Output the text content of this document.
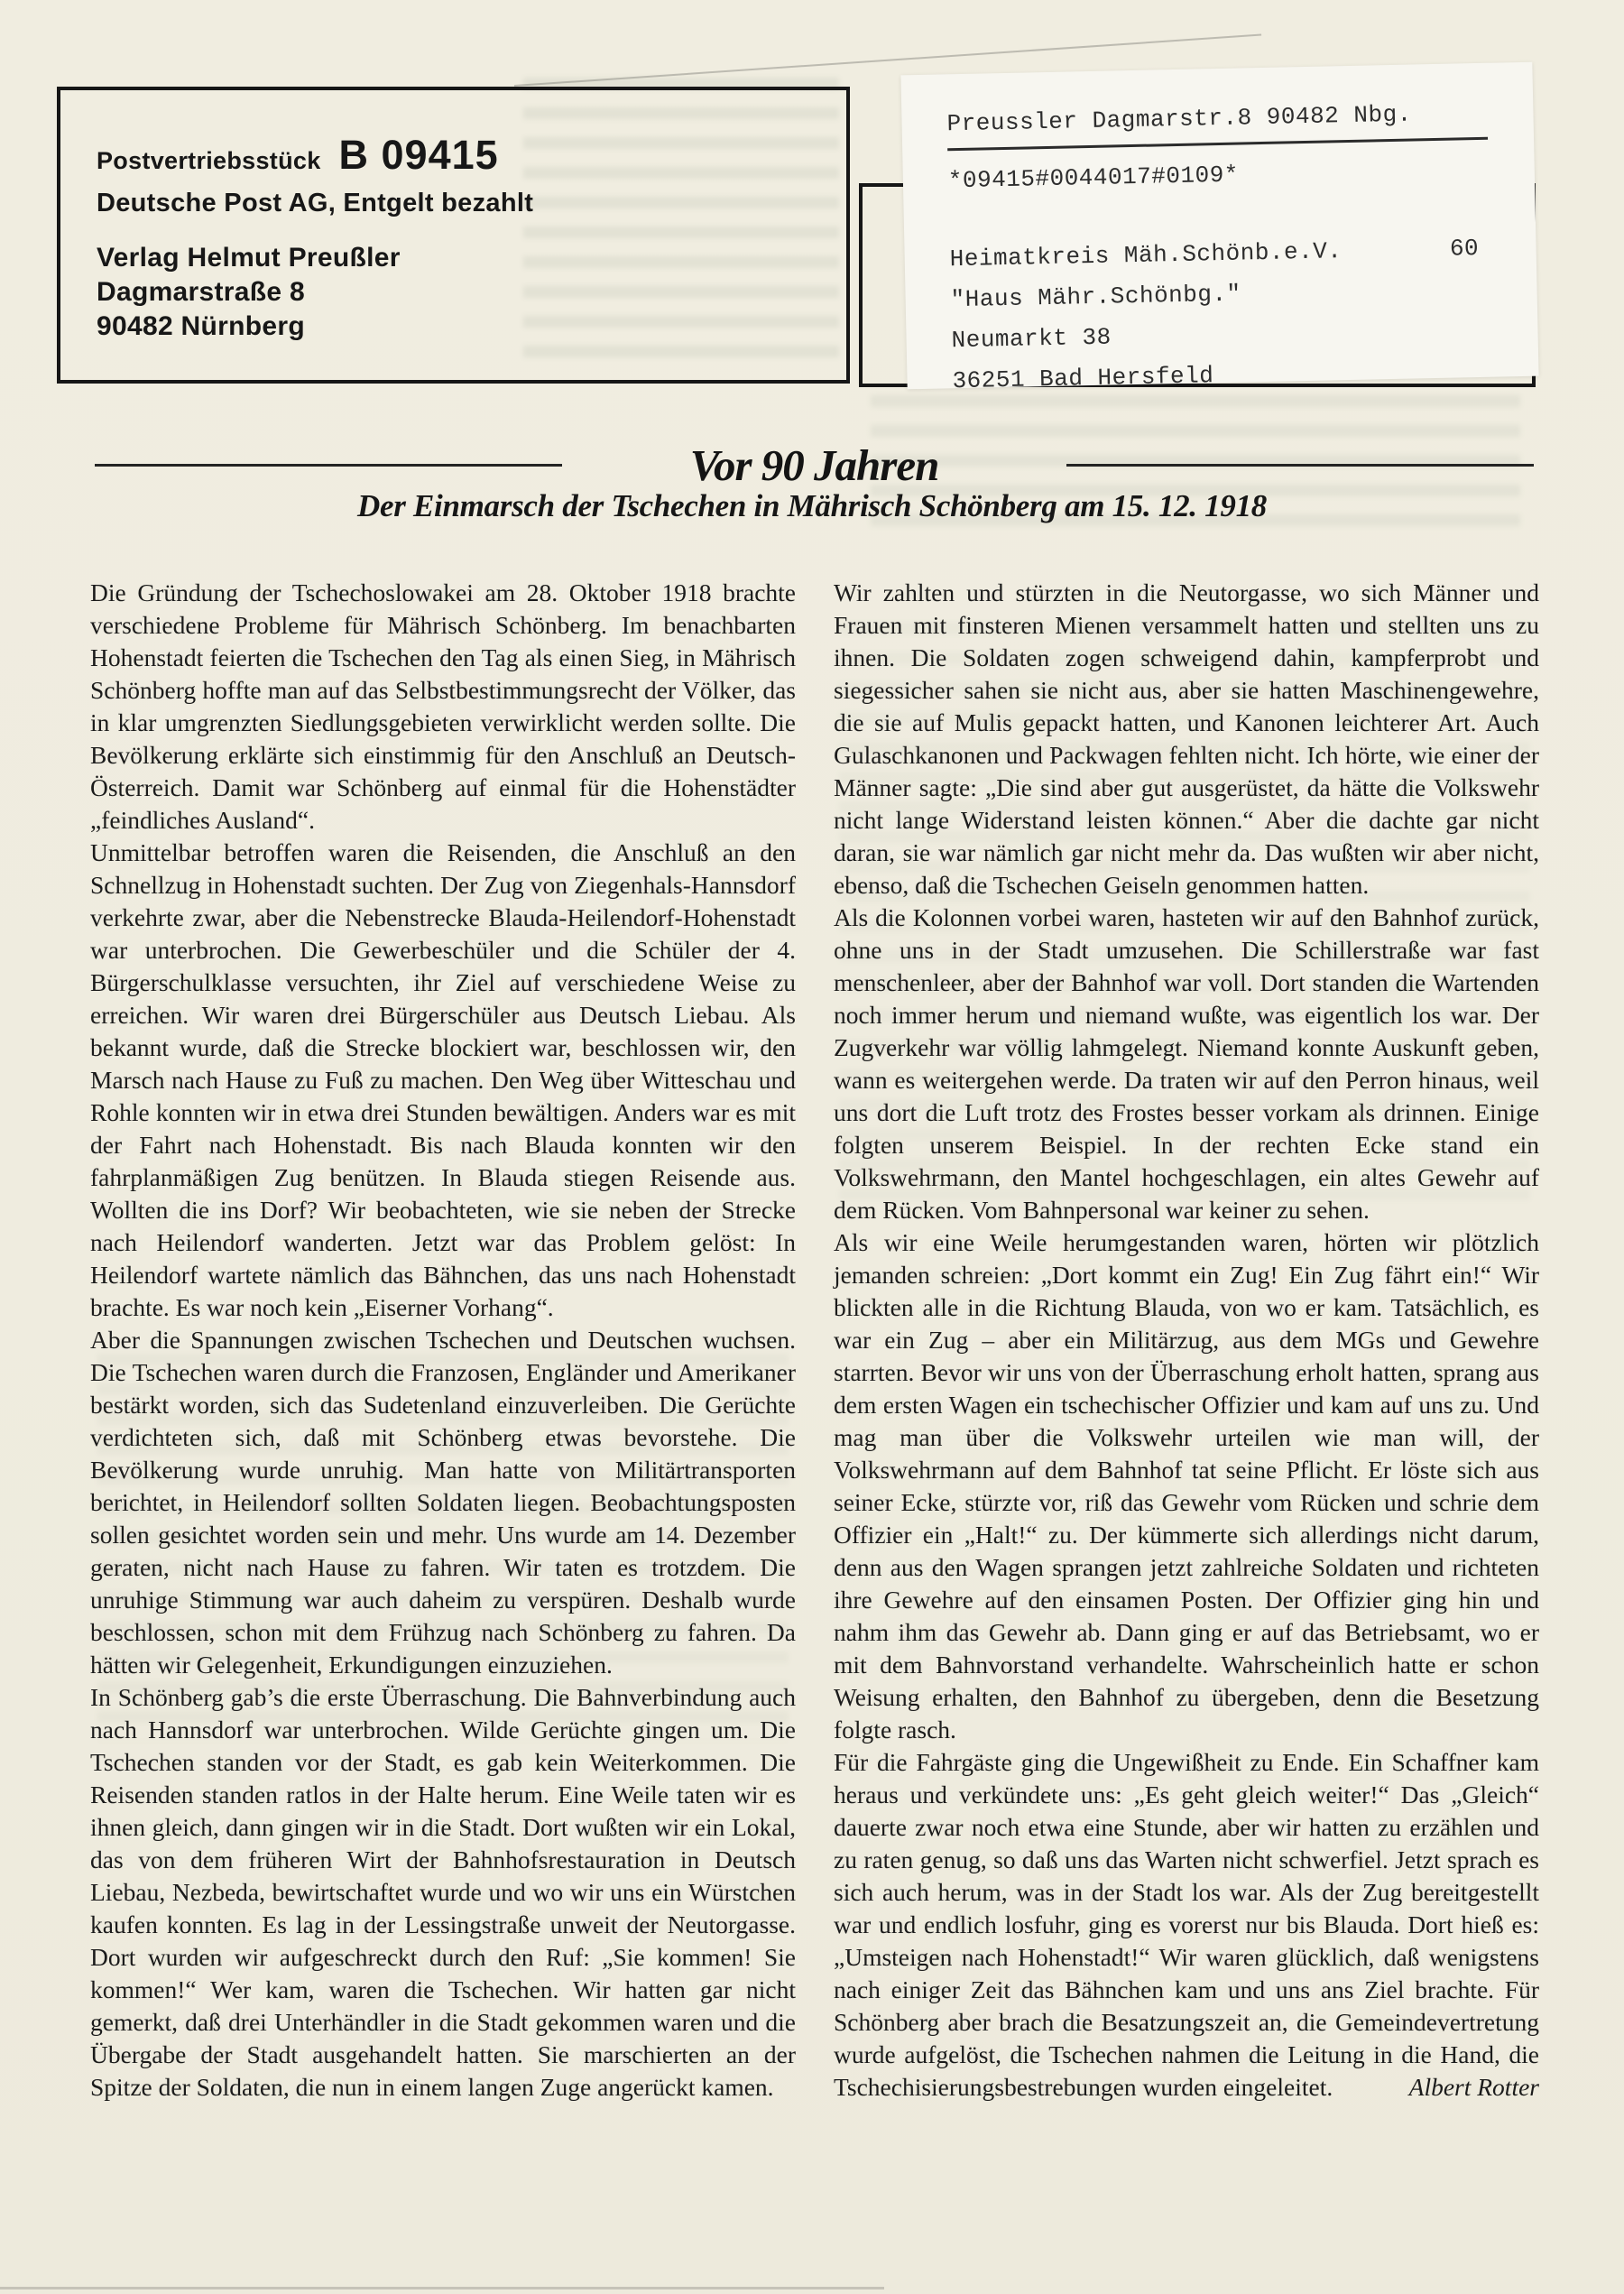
Postvertriebsstück B 09415
Deutsche Post AG, Entgelt bezahlt
Verlag Helmut Preußler
Dagmarstraße 8
90482 Nürnberg
Preussler Dagmarstr.8 90482 Nbg.
*09415#0044017#0109*
Heimatkreis Mäh.Schönb.e.V.	60
"Haus Mähr.Schönbg."
Neumarkt 38
36251 Bad Hersfeld
Vor 90 Jahren
Der Einmarsch der Tschechen in Mährisch Schönberg am 15. 12. 1918

Die Gründung der Tschechoslowakei am 28. Oktober 1918 brachte verschiedene Probleme für Mährisch Schönberg. Im benachbarten Hohenstadt feierten die Tschechen den Tag als einen Sieg, in Mährisch Schönberg hoffte man auf das Selbstbestimmungsrecht der Völker, das in klar umgrenzten Siedlungsgebieten verwirklicht werden sollte. Die Bevölkerung erklärte sich einstimmig für den Anschluß an Deutsch-Österreich. Damit war Schönberg auf einmal für die Hohenstädter „feindliches Ausland“.

Unmittelbar betroffen waren die Reisenden, die Anschluß an den Schnellzug in Hohenstadt suchten. Der Zug von Ziegenhals-Hannsdorf verkehrte zwar, aber die Nebenstrecke Blauda-Heilendorf-Hohenstadt war unterbrochen. Die Gewerbeschüler und die Schüler der 4. Bürgerschulklasse versuchten, ihr Ziel auf verschiedene Weise zu erreichen. Wir waren drei Bürgerschüler aus Deutsch Liebau. Als bekannt wurde, daß die Strecke blockiert war, beschlossen wir, den Marsch nach Hause zu Fuß zu machen. Den Weg über Witteschau und Rohle konnten wir in etwa drei Stunden bewältigen. Anders war es mit der Fahrt nach Hohenstadt. Bis nach Blauda konnten wir den fahrplanmäßigen Zug benützen. In Blauda stiegen Reisende aus. Wollten die ins Dorf? Wir beobachteten, wie sie neben der Strecke nach Heilendorf wanderten. Jetzt war das Problem gelöst: In Heilendorf wartete nämlich das Bähnchen, das uns nach Hohenstadt brachte. Es war noch kein „Eiserner Vorhang“.

Aber die Spannungen zwischen Tschechen und Deutschen wuchsen. Die Tschechen waren durch die Franzosen, Engländer und Amerikaner bestärkt worden, sich das Sudetenland einzuverleiben. Die Gerüchte verdichteten sich, daß mit Schönberg etwas bevorstehe. Die Bevölkerung wurde unruhig. Man hatte von Militärtransporten berichtet, in Heilendorf sollten Soldaten liegen. Beobachtungsposten sollen gesichtet worden sein und mehr. Uns wurde am 14. Dezember geraten, nicht nach Hause zu fahren. Wir taten es trotzdem. Die unruhige Stimmung war auch daheim zu verspüren. Deshalb wurde beschlossen, schon mit dem Frühzug nach Schönberg zu fahren. Da hätten wir Gelegenheit, Erkundigungen einzuziehen.

In Schönberg gab’s die erste Überraschung. Die Bahnverbindung auch nach Hannsdorf war unterbrochen. Wilde Gerüchte gingen um. Die Tschechen standen vor der Stadt, es gab kein Weiterkommen. Die Reisenden standen ratlos in der Halte herum. Eine Weile taten wir es ihnen gleich, dann gingen wir in die Stadt. Dort wußten wir ein Lokal, das von dem früheren Wirt der Bahnhofsrestauration in Deutsch Liebau, Nezbeda, bewirtschaftet wurde und wo wir uns ein Würstchen kaufen konnten. Es lag in der Lessingstraße unweit der Neutorgasse. Dort wurden wir aufgeschreckt durch den Ruf: „Sie kommen! Sie kommen!“ Wer kam, waren die Tschechen. Wir hatten gar nicht gemerkt, daß drei Unterhändler in die Stadt gekommen waren und die Übergabe der Stadt ausgehandelt hatten. Sie marschierten an der Spitze der Soldaten, die nun in einem langen Zuge angerückt kamen.

Wir zahlten und stürzten in die Neutorgasse, wo sich Männer und Frauen mit finsteren Mienen versammelt hatten und stellten uns zu ihnen. Die Soldaten zogen schweigend dahin, kampferprobt und siegessicher sahen sie nicht aus, aber sie hatten Maschinengewehre, die sie auf Mulis gepackt hatten, und Kanonen leichterer Art. Auch Gulaschkanonen und Packwagen fehlten nicht. Ich hörte, wie einer der Männer sagte: „Die sind aber gut ausgerüstet, da hätte die Volkswehr nicht lange Widerstand leisten können.“ Aber die dachte gar nicht daran, sie war nämlich gar nicht mehr da. Das wußten wir aber nicht, ebenso, daß die Tschechen Geiseln genommen hatten.

Als die Kolonnen vorbei waren, hasteten wir auf den Bahnhof zurück, ohne uns in der Stadt umzusehen. Die Schillerstraße war fast menschenleer, aber der Bahnhof war voll. Dort standen die Wartenden noch immer herum und niemand wußte, was eigentlich los war. Der Zugverkehr war völlig lahmgelegt. Niemand konnte Auskunft geben, wann es weitergehen werde. Da traten wir auf den Perron hinaus, weil uns dort die Luft trotz des Frostes besser vorkam als drinnen. Einige folgten unserem Beispiel. In der rechten Ecke stand ein Volkswehrmann, den Mantel hochgeschlagen, ein altes Gewehr auf dem Rücken. Vom Bahnpersonal war keiner zu sehen.

Als wir eine Weile herumgestanden waren, hörten wir plötzlich jemanden schreien: „Dort kommt ein Zug! Ein Zug fährt ein!“ Wir blickten alle in die Richtung Blauda, von wo er kam. Tatsächlich, es war ein Zug – aber ein Militärzug, aus dem MGs und Gewehre starrten. Bevor wir uns von der Überraschung erholt hatten, sprang aus dem ersten Wagen ein tschechischer Offizier und kam auf uns zu. Und mag man über die Volkswehr urteilen wie man will, der Volkswehrmann auf dem Bahnhof tat seine Pflicht. Er löste sich aus seiner Ecke, stürzte vor, riß das Gewehr vom Rücken und schrie dem Offizier ein „Halt!“ zu. Der kümmerte sich allerdings nicht darum, denn aus den Wagen sprangen jetzt zahlreiche Soldaten und richteten ihre Gewehre auf den einsamen Posten. Der Offizier ging hin und nahm ihm das Gewehr ab. Dann ging er auf das Betriebsamt, wo er mit dem Bahnvorstand verhandelte. Wahrscheinlich hatte er schon Weisung erhalten, den Bahnhof zu übergeben, denn die Besetzung folgte rasch.

Für die Fahrgäste ging die Ungewißheit zu Ende. Ein Schaffner kam heraus und verkündete uns: „Es geht gleich weiter!“ Das „Gleich“ dauerte zwar noch etwa eine Stunde, aber wir hatten zu erzählen und zu raten genug, so daß uns das Warten nicht schwerfiel. Jetzt sprach es sich auch herum, was in der Stadt los war. Als der Zug bereitgestellt war und endlich losfuhr, ging es vorerst nur bis Blauda. Dort hieß es: „Umsteigen nach Hohenstadt!“ Wir waren glücklich, daß wenigstens nach einiger Zeit das Bähnchen kam und uns ans Ziel brachte. Für Schönberg aber brach die Besatzungszeit an, die Gemeindevertretung wurde aufgelöst, die Tschechen nahmen die Leitung in die Hand, die Tschechisierungsbestrebungen wurden eingeleitet.	Albert Rotter
